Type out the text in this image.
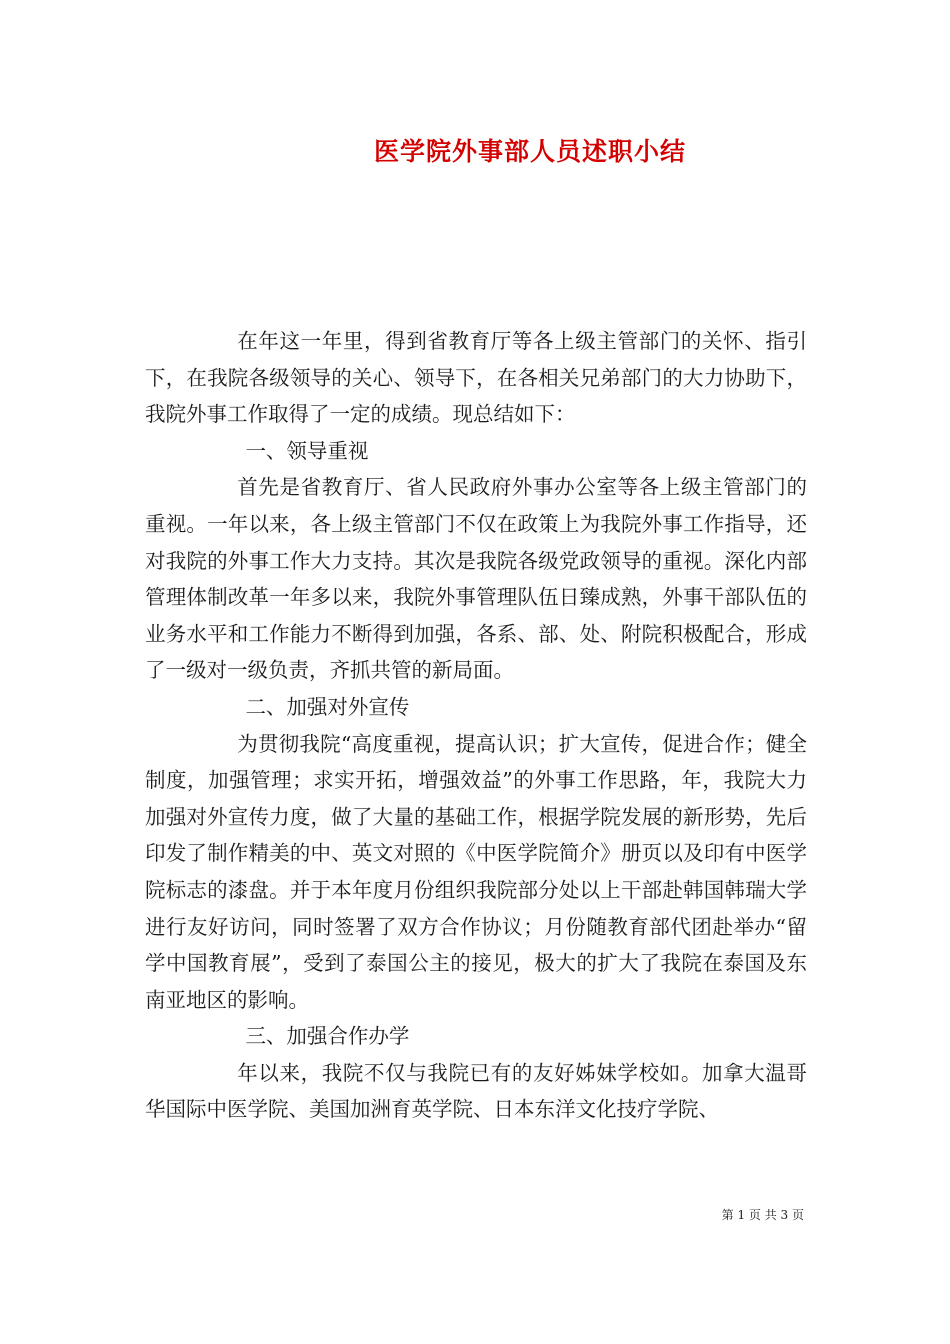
医学院外事部人员述职小结

在年这一年里，得到省教育厅等各上级主管部门的关怀、指引下，在我院各级领导的关心、领导下，在各相关兄弟部门的大力协助下，我院外事工作取得了一定的成绩。现总结如下：

一、领导重视

首先是省教育厅、省人民政府外事办公室等各上级主管部门的重视。一年以来，各上级主管部门不仅在政策上为我院外事工作指导，还对我院的外事工作大力支持。其次是我院各级党政领导的重视。深化内部管理体制改革一年多以来，我院外事管理队伍日臻成熟，外事干部队伍的业务水平和工作能力不断得到加强，各系、部、处、附院积极配合，形成了一级对一级负责，齐抓共管的新局面。

二、加强对外宣传

为贯彻我院“高度重视，提高认识；扩大宣传，促进合作；健全制度，加强管理；求实开拓，增强效益”的外事工作思路，年，我院大力加强对外宣传力度，做了大量的基础工作，根据学院发展的新形势，先后印发了制作精美的中、英文对照的《中医学院简介》册页以及印有中医学院标志的漆盘。并于本年度月份组织我院部分处以上干部赴韩国韩瑞大学进行友好访问，同时签署了双方合作协议；月份随教育部代团赴举办“留学中国教育展”，受到了泰国公主的接见，极大的扩大了我院在泰国及东南亚地区的影响。

三、加强合作办学

年以来，我院不仅与我院已有的友好姊妹学校如。加拿大温哥华国际中医学院、美国加洲育英学院、日本东洋文化技疗学院、

第 1 页 共 3 页
